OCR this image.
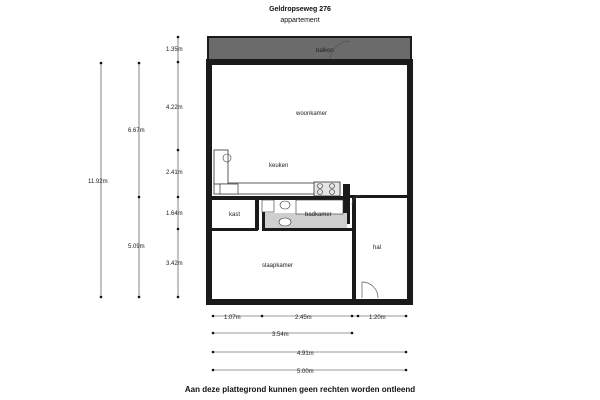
Geldropseweg 276
appartement
balkon
woonkamer
keuken
kast	badkamer
hal
slaapkamer
1.35m
4.22m
6.67m
11.92m
2.41m
1.64m
5.09m
3.42m
1.07m	2.45m	1.20m
3.54m
4.91m
5.00m
Aan deze plattegrond kunnen geen rechten worden ontleend
